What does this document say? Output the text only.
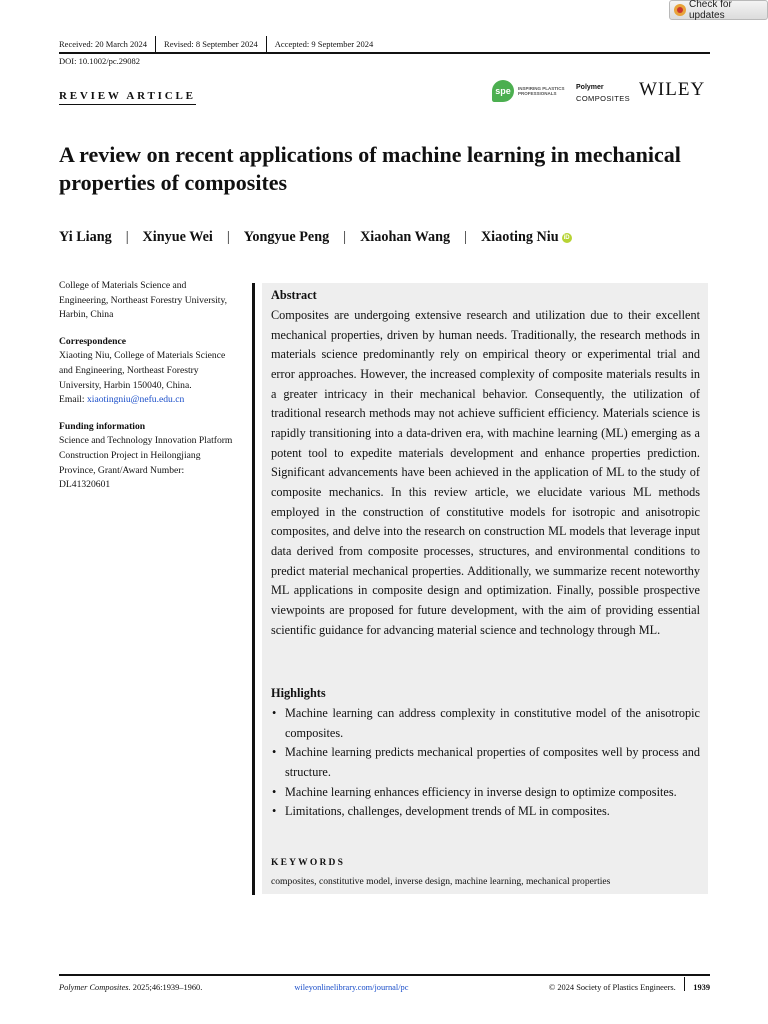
Check for updates
Received: 20 March 2024	Revised: 8 September 2024	Accepted: 9 September 2024
DOI: 10.1002/pc.29082
REVIEW ARTICLE	spe	INSPIRING PLASTICS PROFESSIONALS
Polymer
COMPOSITES WILEY
A review on recent applications of machine learning in mechanical properties of composites
Yi Liang | Xinyue Wei | Yongyue Peng | Xiaohan Wang | Xiaoting Niu iD

College of Materials Science and Engineering, Northeast Forestry University, Harbin, China

Correspondence
Xiaoting Niu, College of Materials Science and Engineering, Northeast Forestry University, Harbin 150040, China.
Email: xiaotingniu@nefu.edu.cn

Funding information
Science and Technology Innovation Platform Construction Project in Heilongjiang Province, Grant/Award Number: DL41320601

Abstract

Composites are undergoing extensive research and utilization due to their excellent mechanical properties, driven by human needs. Traditionally, the research methods in materials science predominantly rely on empirical theory or experimental trial and error approaches. However, the increased complexity of composite materials results in a greater intricacy in their mechanical behavior. Consequently, the utilization of traditional research methods may not achieve sufficient efficiency. Materials science is rapidly transitioning into a data-driven era, with machine learning (ML) emerging as a potent tool to expedite materials development and enhance properties prediction. Significant advancements have been achieved in the application of ML to the study of composite mechanics. In this review article, we elucidate various ML methods employed in the construction of constitutive models for isotropic and anisotropic composites, and delve into the research on construction ML models that leverage input data derived from composite processes, structures, and environmental conditions to predict material mechanical properties. Additionally, we summarize recent noteworthy ML applications in composite design and optimization. Finally, possible prospective viewpoints are proposed for future development, with the aim of providing essential scientific guidance for advancing material science and technology through ML.

Highlights
• Machine learning can address complexity in constitutive model of the anisotropic composites.
• Machine learning predicts mechanical properties of composites well by process and structure.
• Machine learning enhances efficiency in inverse design to optimize composites.
• Limitations, challenges, development trends of ML in composites.
KEYWORDS
composites, constitutive model, inverse design, machine learning, mechanical properties
Polymer Composites.
2025;46:1939–1960.	wileyonlinelibrary.com/journal/pc	© 2024 Society of Plastics Engineers. 1939
